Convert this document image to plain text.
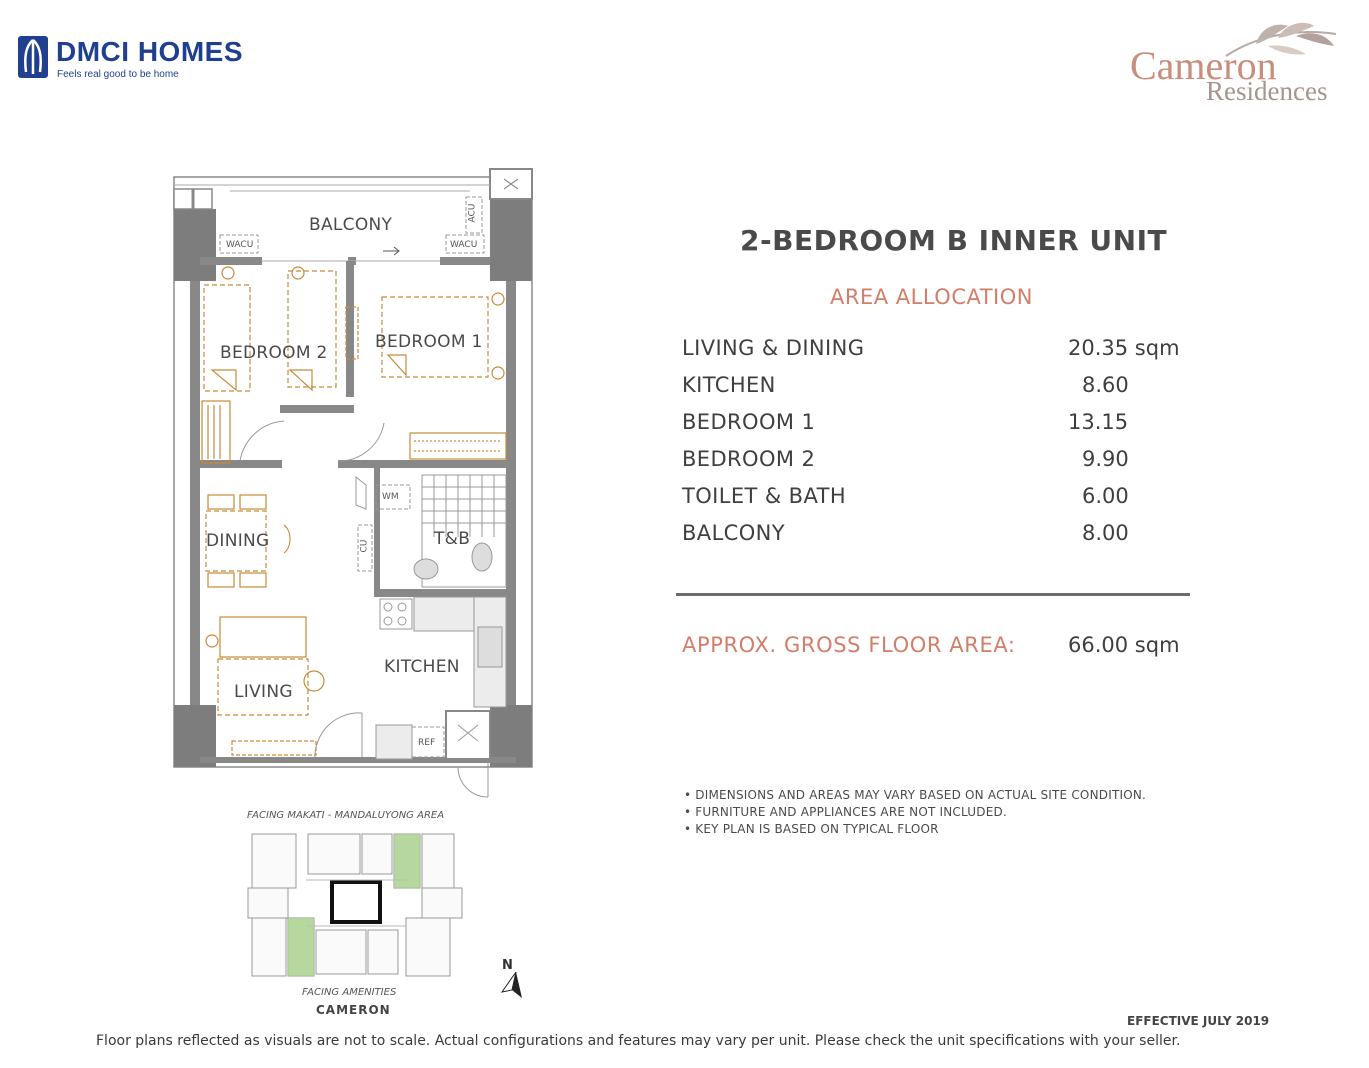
DMCI HOMES
Feels real good to be home	Cameron
Residences
BALCONY
BEDROOM 2
BEDROOM 1
DINING	T&B
KITCHEN
LIVING
WACU	WACU
ACU
WM
REF
CU
FACING MAKATI - MANDALUYONG AREA
FACING AMENITIES
CAMERON
N
2-BEDROOM B INNER UNIT
AREA ALLOCATION
LIVING & DINING	20.35 sqm
KITCHEN	8.60
BEDROOM 1	13.15
BEDROOM 2	9.90
TOILET & BATH	6.00
BALCONY	8.00
APPROX. GROSS FLOOR AREA: 66.00 sqm
• DIMENSIONS AND AREAS MAY VARY BASED ON ACTUAL SITE CONDITION.
• FURNITURE AND APPLIANCES ARE NOT INCLUDED.
• KEY PLAN IS BASED ON TYPICAL FLOOR
EFFECTIVE JULY 2019
Floor plans reflected as visuals are not to scale. Actual configurations and features may vary per unit. Please check the unit specifications with your seller.
